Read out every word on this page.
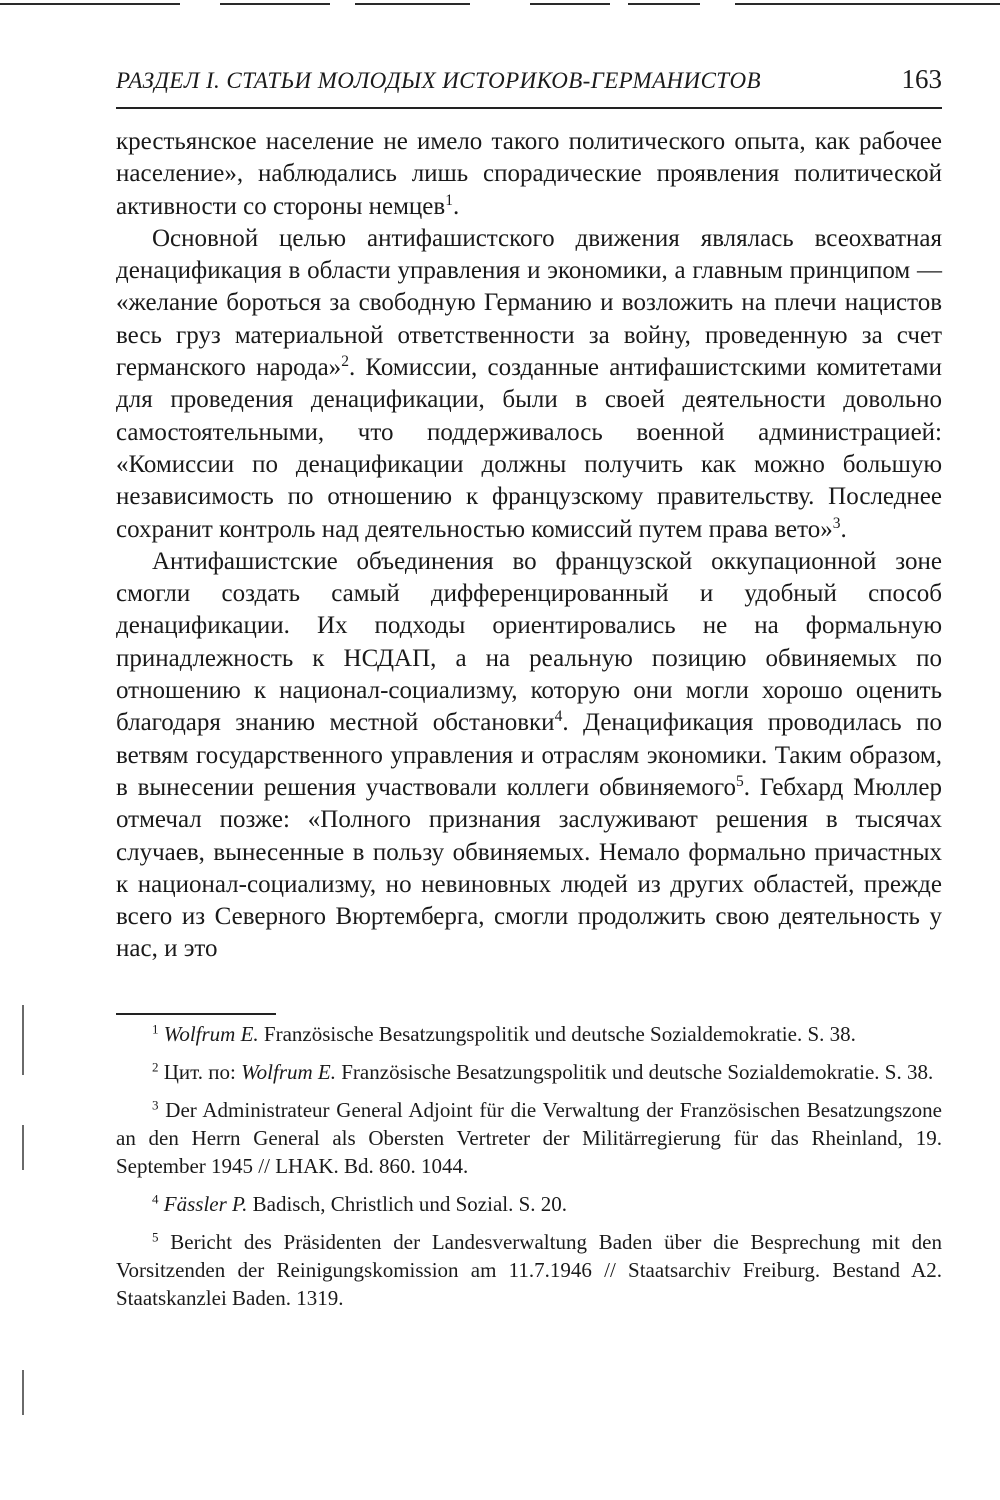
РАЗДЕЛ I. СТАТЬИ МОЛОДЫХ ИСТОРИКОВ-ГЕРМАНИСТОВ	163

крестьянское население не имело такого политического опыта, как рабочее население», наблюдались лишь спорадические проявления политической активности со стороны немцев$^1$.

Основной целью антифашистского движения являлась всеохватная денацификация в области управления и экономики, а главным принципом — «желание бороться за свободную Германию и возложить на плечи нацистов весь груз материальной ответственности за войну, проведенную за счет германского народа»$^2$. Комиссии, созданные антифашистскими комитетами для проведения денацификации, были в своей деятельности довольно самостоятельными, что поддерживалось военной администрацией: «Комиссии по денацификации должны получить как можно большую независимость по отношению к французскому правительству. Последнее сохранит контроль над деятельностью комиссий путем права вето»$^3$.

Антифашистские объединения во французской оккупационной зоне смогли создать самый дифференцированный и удобный способ денацификации. Их подходы ориентировались не на формальную принадлежность к НСДАП, а на реальную позицию обвиняемых по отношению к национал-социализму, которую они могли хорошо оценить благодаря знанию местной обстановки$^4$. Денацификация проводилась по ветвям государственного управления и отраслям экономики. Таким образом, в вынесении решения участвовали коллеги обвиняемого$^5$. Гебхард Мюллер отмечал позже: «Полного признания заслуживают решения в тысячах случаев, вынесенные в пользу обвиняемых. Немало формально причастных к национал-социализму, но невиновных людей из других областей, прежде всего из Северного Вюртемберга, смогли продолжить свою деятельность у нас, и это

$^1$ Wolfrum E. Französische Besatzungspolitik und deutsche Sozialdemokratie. S. 38.

$^2$ Цит. по: Wolfrum E. Französische Besatzungspolitik und deutsche Sozialdemokratie. S. 38.

$^3$ Der Administrateur General Adjoint für die Verwaltung der Französischen Besatzungszone an den Herrn General als Obersten Vertreter der Militärregierung für das Rheinland, 19. September 1945 // LHAK. Bd. 860. 1044.

$^4$ Fässler P. Badisch, Christlich und Sozial. S. 20.

$^5$ Bericht des Präsidenten der Landesverwaltung Baden über die Besprechung mit den Vorsitzenden der Reinigungskomission am 11.7.1946 // Staatsarchiv Freiburg. Bestand A2. Staatskanzlei Baden. 1319.
